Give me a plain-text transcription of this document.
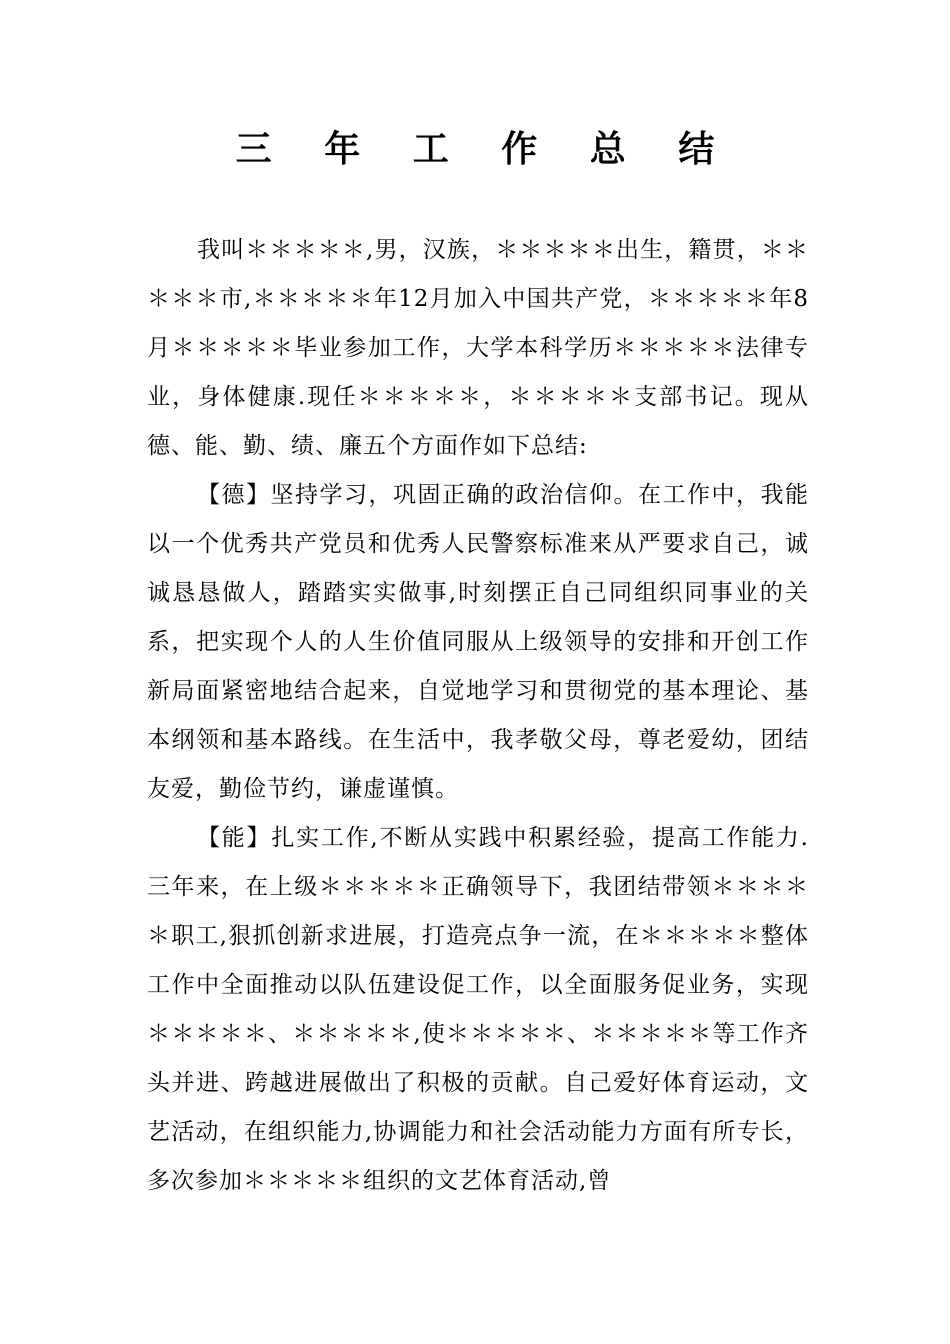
三 年 工 作 总 结

我叫＊＊＊＊＊,男，汉族，＊＊＊＊＊出生，籍贯，＊＊＊＊＊市,＊＊＊＊＊年12月加入中国共产党，＊＊＊＊＊年8月＊＊＊＊＊毕业参加工作，大学本科学历＊＊＊＊＊法律专业，身体健康.现任＊＊＊＊＊，＊＊＊＊＊支部书记。现从德、能、勤、绩、廉五个方面作如下总结:

【德】坚持学习，巩固正确的政治信仰。在工作中，我能以一个优秀共产党员和优秀人民警察标准来从严要求自己，诚诚恳恳做人，踏踏实实做事,时刻摆正自己同组织同事业的关系，把实现个人的人生价值同服从上级领导的安排和开创工作新局面紧密地结合起来，自觉地学习和贯彻党的基本理论、基本纲领和基本路线。在生活中，我孝敬父母，尊老爱幼，团结友爱，勤俭节约，谦虚谨慎。

【能】扎实工作,不断从实践中积累经验，提高工作能力.三年来，在上级＊＊＊＊＊正确领导下，我团结带领＊＊＊＊＊职工,狠抓创新求进展，打造亮点争一流，在＊＊＊＊＊整体工作中全面推动以队伍建设促工作，以全面服务促业务，实现＊＊＊＊＊、＊＊＊＊＊,使＊＊＊＊＊、＊＊＊＊＊等工作齐头并进、跨越进展做出了积极的贡献。自己爱好体育运动，文艺活动，在组织能力,协调能力和社会活动能力方面有所专长，多次参加＊＊＊＊＊组织的文艺体育活动,曾
